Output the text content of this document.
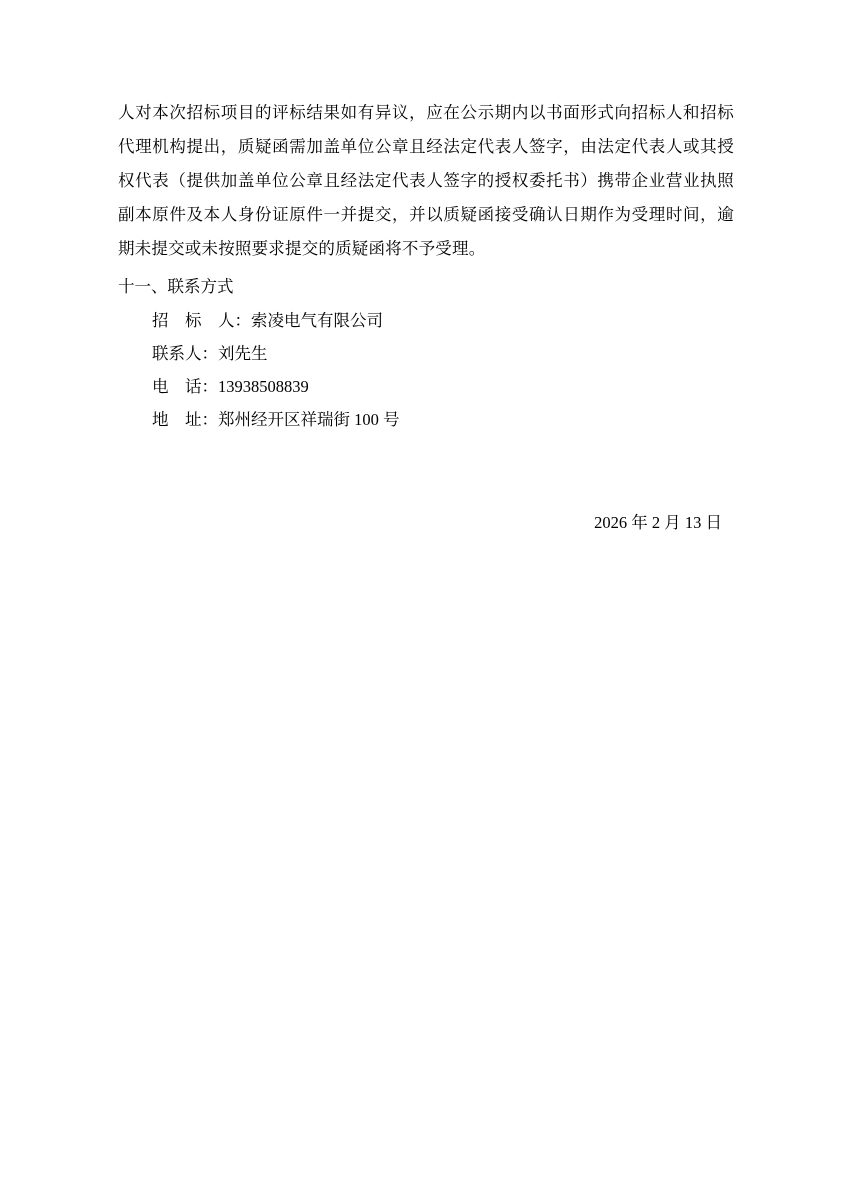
人对本次招标项目的评标结果如有异议，应在公示期内以书面形式向招标人和招标代理机构提出，质疑函需加盖单位公章且经法定代表人签字，由法定代表人或其授权代表（提供加盖单位公章且经法定代表人签字的授权委托书）携带企业营业执照副本原件及本人身份证原件一并提交，并以质疑函接受确认日期作为受理时间，逾期未提交或未按照要求提交的质疑函将不予受理。

十一、联系方式

招　标　人：索凌电气有限公司
联系人：刘先生
电　话：13938508839
地　址：郑州经开区祥瑞街 100 号
2026 年 2 月 13 日
